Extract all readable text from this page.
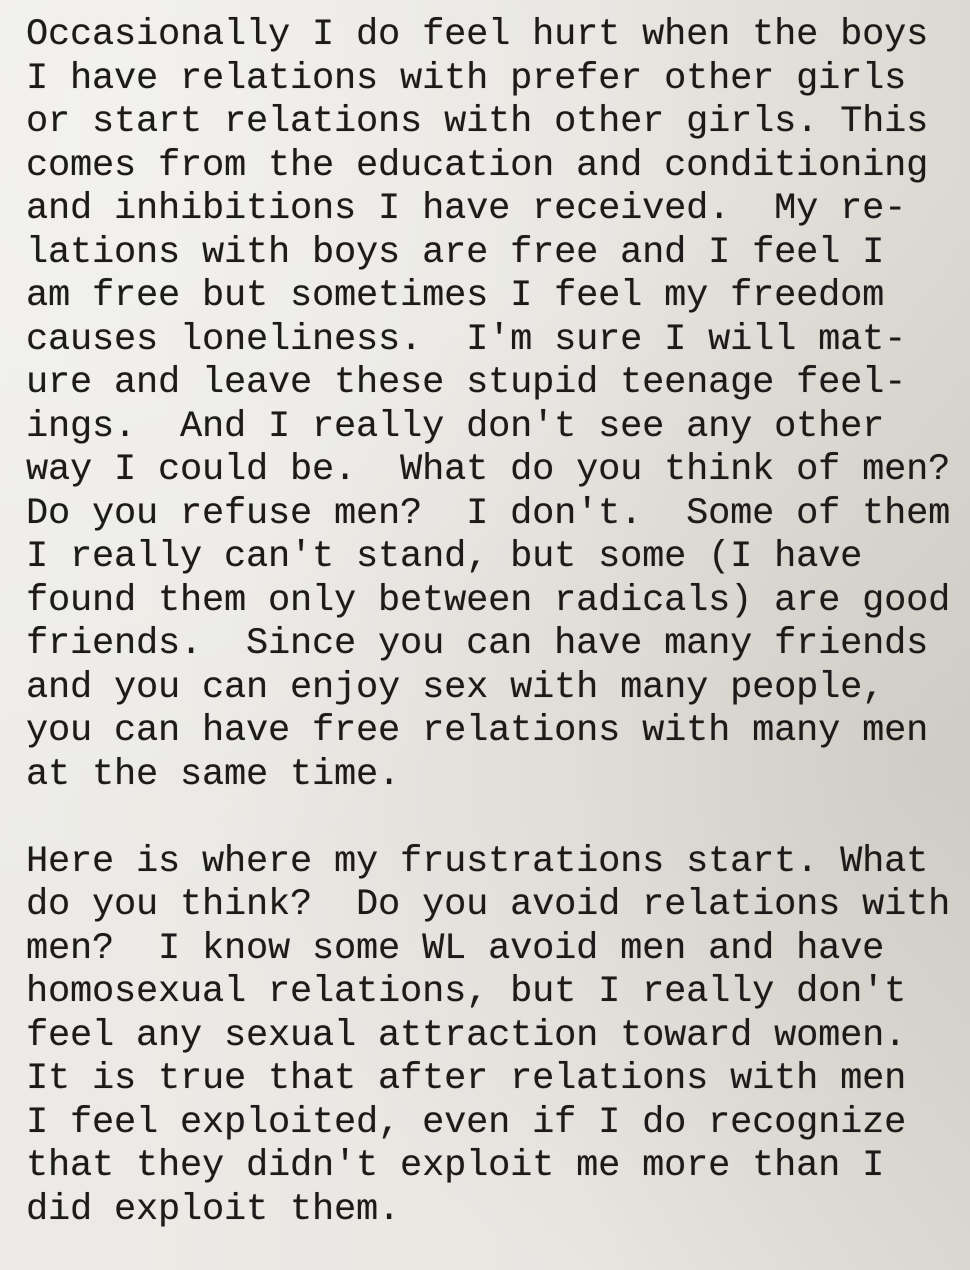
Occasionally I do feel hurt when the boys
I have relations with prefer other girls
or start relations with other girls. This
comes from the education and conditioning
and inhibitions I have received.  My re-
lations with boys are free and I feel I
am free but sometimes I feel my freedom
causes loneliness.  I'm sure I will mat-
ure and leave these stupid teenage feel-
ings.  And I really don't see any other
way I could be.  What do you think of men?
Do you refuse men?  I don't.  Some of them
I really can't stand, but some (I have
found them only between radicals) are good
friends.  Since you can have many friends
and you can enjoy sex with many people,
you can have free relations with many men
at the same time.
Here is where my frustrations start. What
do you think?  Do you avoid relations with
men?  I know some WL avoid men and have
homosexual relations, but I really don't
feel any sexual attraction toward women.
It is true that after relations with men
I feel exploited, even if I do recognize
that they didn't exploit me more than I
did exploit them.
